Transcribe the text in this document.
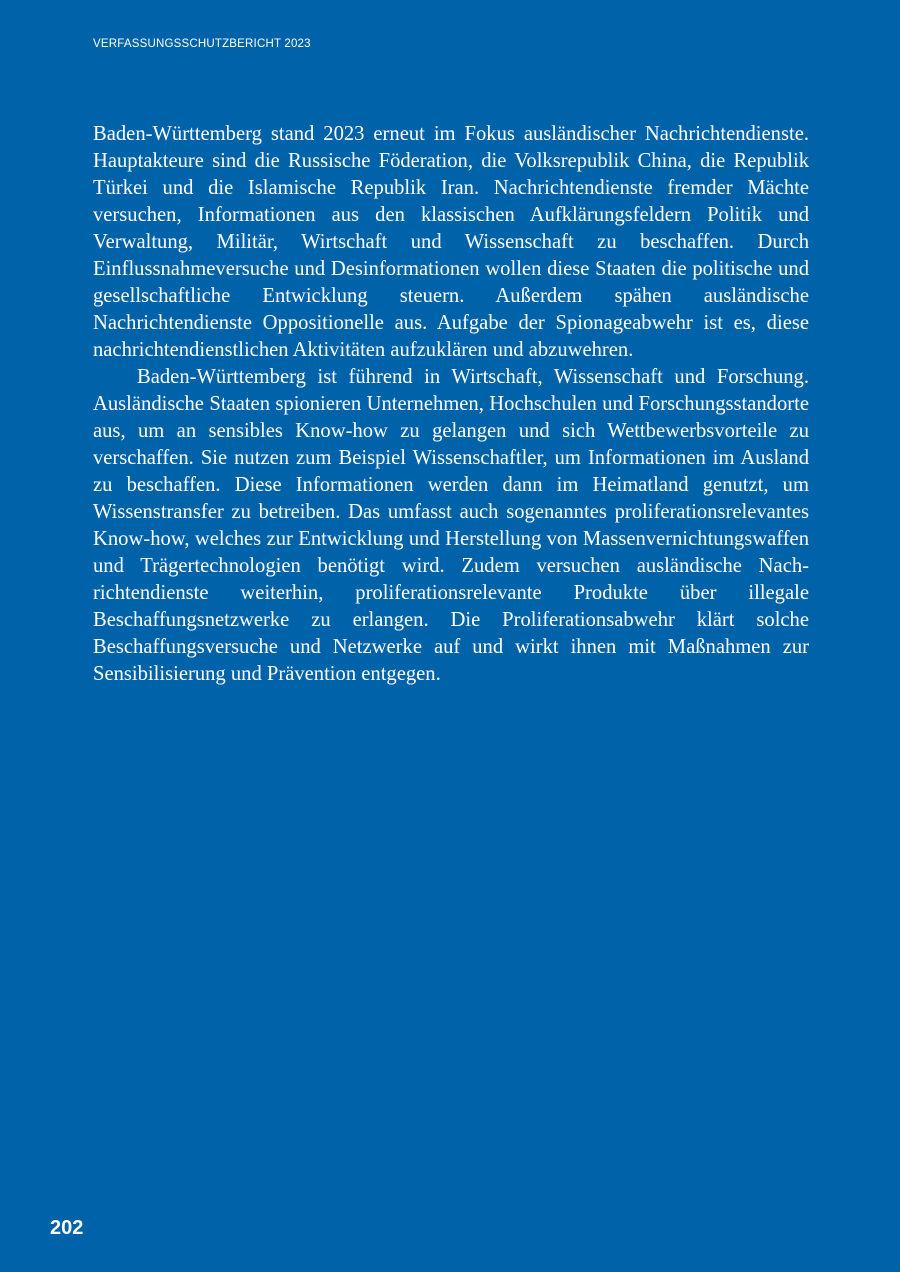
VERFASSUNGSSCHUTZBERICHT 2023

Baden-Württemberg stand 2023 erneut im Fokus ausländischer Nachrichtendienste. Hauptakteure sind die Russische Föderation, die Volksrepublik China, die Republik Türkei und die Islamische Republik Iran. Nachrichtendienste fremder Mächte versuchen, Informationen aus den klassischen Aufklärungsfeldern Politik und Verwaltung, Militär, Wirtschaft und Wissenschaft zu beschaffen. Durch Einflussnahmeversuche und Desinformationen wollen diese Staaten die politische und gesellschaftliche Entwicklung steuern. Außerdem spähen ausländische Nachrichtendienste Oppositionelle aus. Aufgabe der Spionageabwehr ist es, diese nachrichtendienstlichen Aktivitäten aufzuklären und abzuwehren.

Baden-Württemberg ist führend in Wirtschaft, Wissenschaft und Forschung. Ausländische Staaten spionieren Unternehmen, Hochschulen und Forschungsstandorte aus, um an sensibles Know-how zu gelangen und sich Wettbewerbsvorteile zu verschaffen. Sie nutzen zum Beispiel Wissenschaftler, um Informationen im Ausland zu beschaffen. Diese Informationen werden dann im Heimatland genutzt, um Wissenstransfer zu betreiben. Das umfasst auch sogenanntes proliferationsrelevantes Know-how, welches zur Entwicklung und Herstellung von Massenvernichtungswaffen und Trägertechnologien benötigt wird. Zudem versuchen ausländische Nachrichtendienste weiterhin, proliferationsrelevante Produkte über illegale Beschaffungsnetzwerke zu erlangen. Die Proliferationsabwehr klärt solche Beschaffungsversuche und Netzwerke auf und wirkt ihnen mit Maßnahmen zur Sensibilisierung und Prävention entgegen.

202
